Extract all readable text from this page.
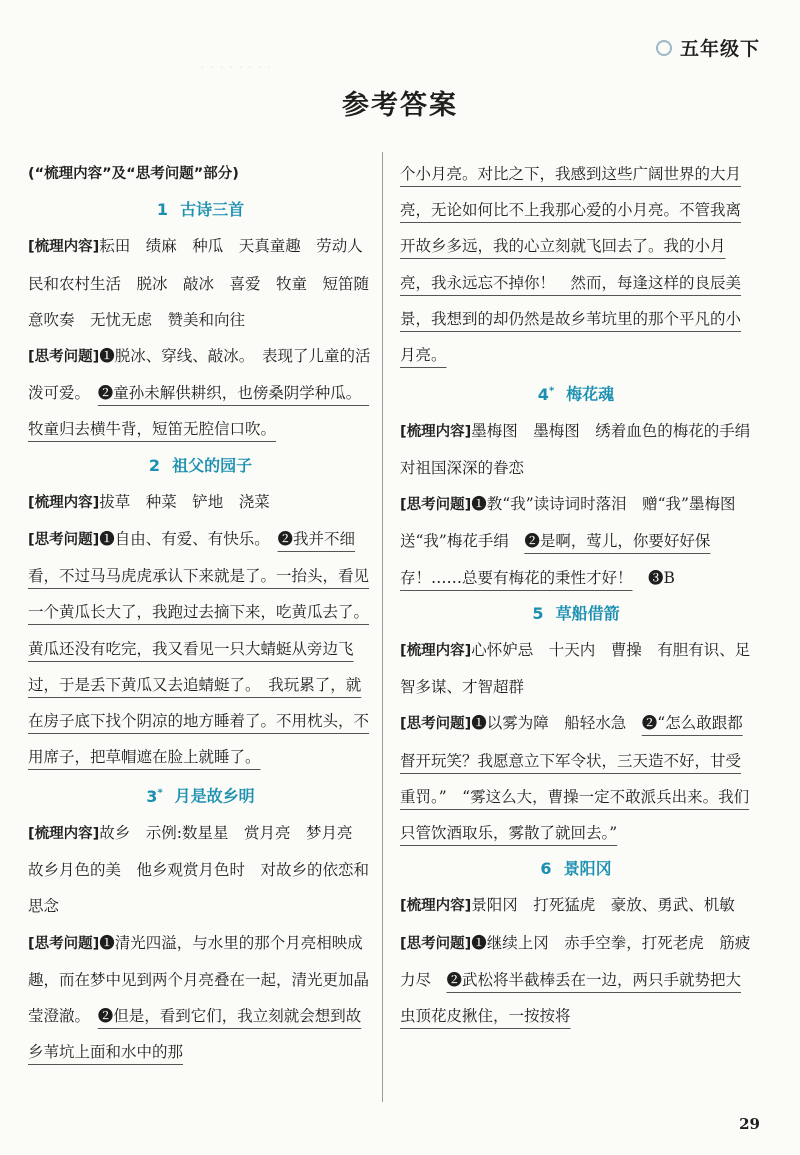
· · · · · · · ·
五年级下
参考答案
(“梳理内容”及“思考问题”部分)
1 古诗三首

[梳理内容]耘田　绩麻　种瓜　天真童趣　劳动人民和农村生活　脱冰　敲冰　喜爱　牧童　短笛随意吹奏　无忧无虑　赞美和向往

[思考问题]❶脱冰、穿线、敲冰。　表现了儿童的活泼可爱。　❷童孙未解供耕织，也傍桑阴学种瓜。　牧童归去横牛背，短笛无腔信口吹。

2 祖父的园子

[梳理内容]拔草　种菜　铲地　浇菜

[思考问题]❶自由、有爱、有快乐。　❷我并不细看，不过马马虎虎承认下来就是了。一抬头，看见一个黄瓜长大了，我跑过去摘下来，吃黄瓜去了。黄瓜还没有吃完，我又看见一只大蜻蜓从旁边飞过，于是丢下黄瓜又去追蜻蜓了。　我玩累了，就在房子底下找个阴凉的地方睡着了。不用枕头，不用席子，把草帽遮在脸上就睡了。

3* 月是故乡明

[梳理内容]故乡　示例:数星星　赏月亮　梦月亮　故乡月色的美　他乡观赏月色时　对故乡的依恋和思念

[思考问题]❶清光四溢，与水里的那个月亮相映成趣，而在梦中见到两个月亮叠在一起，清光更加晶莹澄澈。　❷但是，看到它们，我立刻就会想到故乡苇坑上面和水中的那

个小月亮。对比之下，我感到这些广阔世界的大月亮，无论如何比不上我那心爱的小月亮。不管我离开故乡多远，我的心立刻就飞回去了。我的小月亮，我永远忘不掉你！　然而，每逢这样的良辰美景，我想到的却仍然是故乡苇坑里的那个平凡的小月亮。

4* 梅花魂

[梳理内容]墨梅图　墨梅图　绣着血色的梅花的手绢　对祖国深深的眷恋

[思考问题]❶教“我”读诗词时落泪　赠“我”墨梅图　送“我”梅花手绢　❷是啊，莺儿，你要好好保存！……总要有梅花的秉性才好！　❸B

5 草船借箭

[梳理内容]心怀妒忌　十天内　曹操　有胆有识、足智多谋、才智超群

[思考问题]❶以雾为障　船轻水急　❷“怎么敢跟都督开玩笑？我愿意立下军令状，三天造不好，甘受重罚。”　“雾这么大，曹操一定不敢派兵出来。我们只管饮酒取乐，雾散了就回去。”

6 景阳冈

[梳理内容]景阳冈　打死猛虎　豪放、勇武、机敏

[思考问题]❶继续上冈　赤手空拳，打死老虎　筋疲力尽　❷武松将半截棒丢在一边，两只手就势把大虫顶花皮揪住，一按按将

29
